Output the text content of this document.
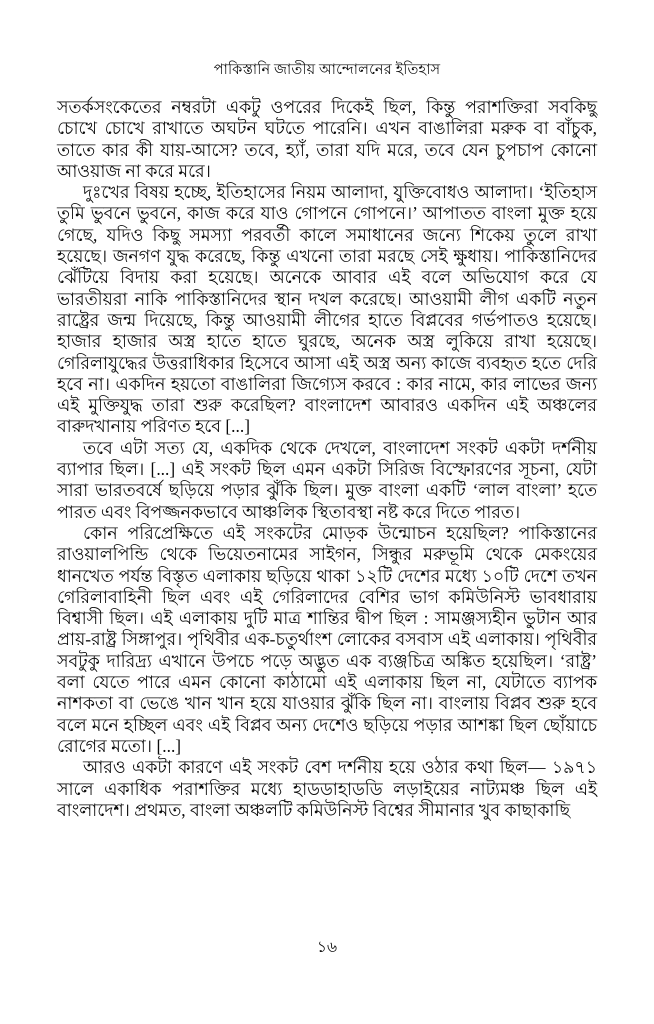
পাকিস্তানি জাতীয় আন্দোলনের ইতিহাস

সতর্কসংকেতের নম্বরটা একটু ওপরের দিকেই ছিল, কিন্তু পরাশক্তিরা সবকিছু চোখে চোখে রাখাতে অঘটন ঘটতে পারেনি। এখন বাঙালিরা মরুক বা বাঁচুক, তাতে কার কী যায়-আসে? তবে, হ্যাঁ, তারা যদি মরে, তবে যেন চুপচাপ কোনো আওয়াজ না করে মরে।

দুঃখের বিষয় হচ্ছে, ইতিহাসের নিয়ম আলাদা, যুক্তিবোধও আলাদা। ‘ইতিহাস তুমি ভুবনে ভুবনে, কাজ করে যাও গোপনে গোপনে।’ আপাতত বাংলা মুক্ত হয়ে গেছে, যদিও কিছু সমস্যা পরবর্তী কালে সমাধানের জন্যে শিকেয় তুলে রাখা হয়েছে। জনগণ যুদ্ধ করেছে, কিন্তু এখনো তারা মরছে সেই ক্ষুধায়। পাকিস্তানিদের ঝেঁটিয়ে বিদায় করা হয়েছে। অনেকে আবার এই বলে অভিযোগ করে যে ভারতীয়রা নাকি পাকিস্তানিদের স্থান দখল করেছে। আওয়ামী লীগ একটি নতুন রাষ্ট্রের জন্ম দিয়েছে, কিন্তু আওয়ামী লীগের হাতে বিপ্লবের গর্ভপাতও হয়েছে। হাজার হাজার অস্ত্র হাতে হাতে ঘুরছে, অনেক অস্ত্র লুকিয়ে রাখা হয়েছে। গেরিলাযুদ্ধের উত্তরাধিকার হিসেবে আসা এই অস্ত্র অন্য কাজে ব্যবহৃত হতে দেরি হবে না। একদিন হয়তো বাঙালিরা জিগ্যেস করবে : কার নামে, কার লাভের জন্য এই মুক্তিযুদ্ধ তারা শুরু করেছিল? বাংলাদেশ আবারও একদিন এই অঞ্চলের বারুদখানায় পরিণত হবে [...]

তবে এটা সত্য যে, একদিক থেকে দেখলে, বাংলাদেশ সংকট একটা দর্শনীয় ব্যাপার ছিল। [...] এই সংকট ছিল এমন একটা সিরিজ বিস্ফোরণের সূচনা, যেটা সারা ভারতবর্ষে ছড়িয়ে পড়ার ঝুঁকি ছিল। মুক্ত বাংলা একটি ‘লাল বাংলা’ হতে পারত এবং বিপজ্জনকভাবে আঞ্চলিক স্থিতাবস্থা নষ্ট করে দিতে পারত।

কোন পরিপ্রেক্ষিতে এই সংকটের মোড়ক উন্মোচন হয়েছিল? পাকিস্তানের রাওয়ালপিন্ডি থেকে ভিয়েতনামের সাইগন, সিন্ধুর মরুভূমি থেকে মেকংয়ের ধানখেত পর্যন্ত বিস্তৃত এলাকায় ছড়িয়ে থাকা ১২টি দেশের মধ্যে ১০টি দেশে তখন গেরিলাবাহিনী ছিল এবং এই গেরিলাদের বেশির ভাগ কমিউনিস্ট ভাবধারায় বিশ্বাসী ছিল। এই এলাকায় দুটি মাত্র শান্তির দ্বীপ ছিল : সামঞ্জস্যহীন ভুটান আর প্রায়-রাষ্ট্র সিঙ্গাপুর। পৃথিবীর এক-চতুর্থাংশ লোকের বসবাস এই এলাকায়। পৃথিবীর সবটুকু দারিদ্র্য এখানে উপচে পড়ে অদ্ভুত এক ব্যঞ্জচিত্র অঙ্কিত হয়েছিল। ‘রাষ্ট্র’ বলা যেতে পারে এমন কোনো কাঠামো এই এলাকায় ছিল না, যেটাতে ব্যাপক নাশকতা বা ভেঙে খান খান হয়ে যাওয়ার ঝুঁকি ছিল না। বাংলায় বিপ্লব শুরু হবে বলে মনে হচ্ছিল এবং এই বিপ্লব অন্য দেশেও ছড়িয়ে পড়ার আশঙ্কা ছিল ছোঁয়াচে রোগের মতো। [...]

আরও একটা কারণে এই সংকট বেশ দর্শনীয় হয়ে ওঠার কথা ছিল— ১৯৭১ সালে একাধিক পরাশক্তির মধ্যে হাডডাহাডডি লড়াইয়ের নাট্যমঞ্চ ছিল এই বাংলাদেশ। প্রথমত, বাংলা অঞ্চলটি কমিউনিস্ট বিশ্বের সীমানার খুব কাছাকাছি

১৬
